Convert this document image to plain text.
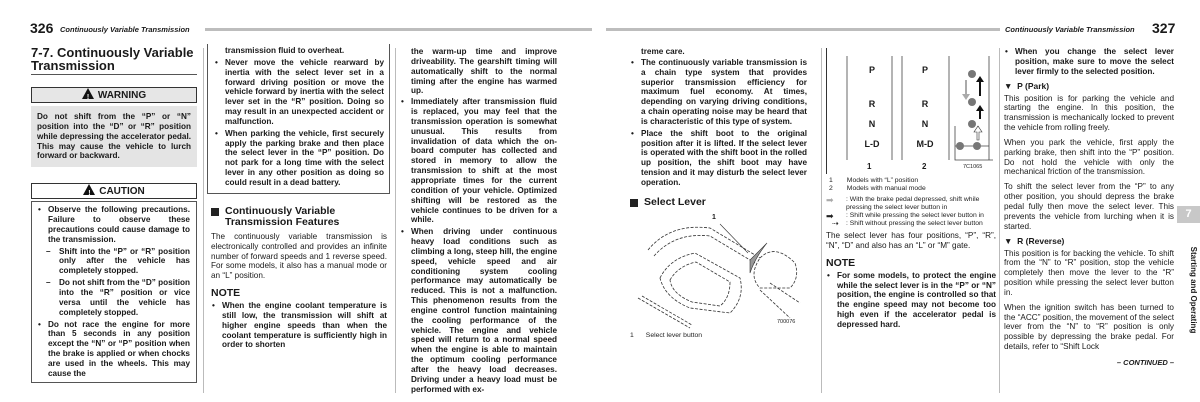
326 Continuously Variable Transmission
7-7. Continuously Variable Transmission
! WARNING
Do not shift from the “P” or “N” position into the “D” or “R” position while depressing the accelerator pedal. This may cause the vehicle to lurch forward or backward.
! CAUTION
• Observe the following precautions. Failure to observe these precautions could cause damage to the transmission.
– Shift into the “P” or “R” position only after the vehicle has completely stopped.
– Do not shift from the “D” position into the “R” position or vice versa until the vehicle has completely stopped.
• Do not race the engine for more than 5 seconds in any position except the “N” or “P” position when the brake is applied or when chocks are used in the wheels. This may cause the
transmission fluid to overheat.
• Never move the vehicle rearward by inertia with the select lever set in a forward driving position or move the vehicle forward by inertia with the select lever set in the “R” position. Doing so may result in an unexpected accident or malfunction.
• When parking the vehicle, first securely apply the parking brake and then place the select lever in the “P” position. Do not park for a long time with the select lever in any other position as doing so could result in a dead battery.
Continuously Variable Transmission Features

The continuously variable transmission is electronically controlled and provides an infinite number of forward speeds and 1 reverse speed. For some models, it also has a manual mode or an “L” position.

NOTE
• When the engine coolant temperature is still low, the transmission will shift at higher engine speeds than when the coolant temperature is sufficiently high in order to shorten
the warm-up time and improve driveability. The gearshift timing will automatically shift to the normal timing after the engine has warmed up.
• Immediately after transmission fluid is replaced, you may feel that the transmission operation is somewhat unusual. This results from invalidation of data which the on-board computer has collected and stored in memory to allow the transmission to shift at the most appropriate times for the current condition of your vehicle. Optimized shifting will be restored as the vehicle continues to be driven for a while.
• When driving under continuous heavy load conditions such as climbing a long, steep hill, the engine speed, vehicle speed and air conditioning system cooling performance may automatically be reduced. This is not a malfunction. This phenomenon results from the engine control function maintaining the cooling performance of the vehicle. The engine and vehicle speed will return to a normal speed when the engine is able to maintain the optimum cooling performance after the heavy load decreases. Driving under a heavy load must be performed with ex-
Continuously Variable Transmission 327
treme care.
• The continuously variable transmission is a chain type system that provides superior transmission efficiency for maximum fuel economy. At times, depending on varying driving conditions, a chain operating noise may be heard that is characteristic of this type of system.
• Place the shift boot to the original position after it is lifted. If the select lever is operated with the shift boot in the rolled up position, the shift boot may have tension and it may disturb the select lever operation.
Select Lever
1
700076
1 Select lever button
P
R
N
L-D
P
R
N
M-D
1	2	7C1065
1 Models with “L” position
2 Models with manual mode
➡	: With the brake pedal depressed, shift while pressing the select lever button in
➡	: Shift while pressing the select lever button in
⇢	: Shift without pressing the select lever button

The select lever has four positions, “P”, “R”, “N”, “D” and also has an “L” or “M” gate.

NOTE
• For some models, to protect the engine while the select lever is in the “P” or “N” position, the engine is controlled so that the engine speed may not become too high even if the accelerator pedal is depressed hard.
• When you change the select lever position, make sure to move the select lever firmly to the selected position.
▼  P (Park)

This position is for parking the vehicle and starting the engine. In this position, the transmission is mechanically locked to prevent the vehicle from rolling freely.

When you park the vehicle, first apply the parking brake, then shift into the “P” position. Do not hold the vehicle with only the mechanical friction of the transmission.

To shift the select lever from the “P” to any other position, you should depress the brake pedal fully then move the select lever. This prevents the vehicle from lurching when it is started.

▼  R (Reverse)

This position is for backing the vehicle. To shift from the “N” to “R” position, stop the vehicle completely then move the lever to the “R” position while pressing the select lever button in.

When the ignition switch has been turned to the “ACC” position, the movement of the select lever from the “N” to “R” position is only possible by depressing the brake pedal. For details, refer to “Shift Lock

– CONTINUED –
7
Starting and Operating
